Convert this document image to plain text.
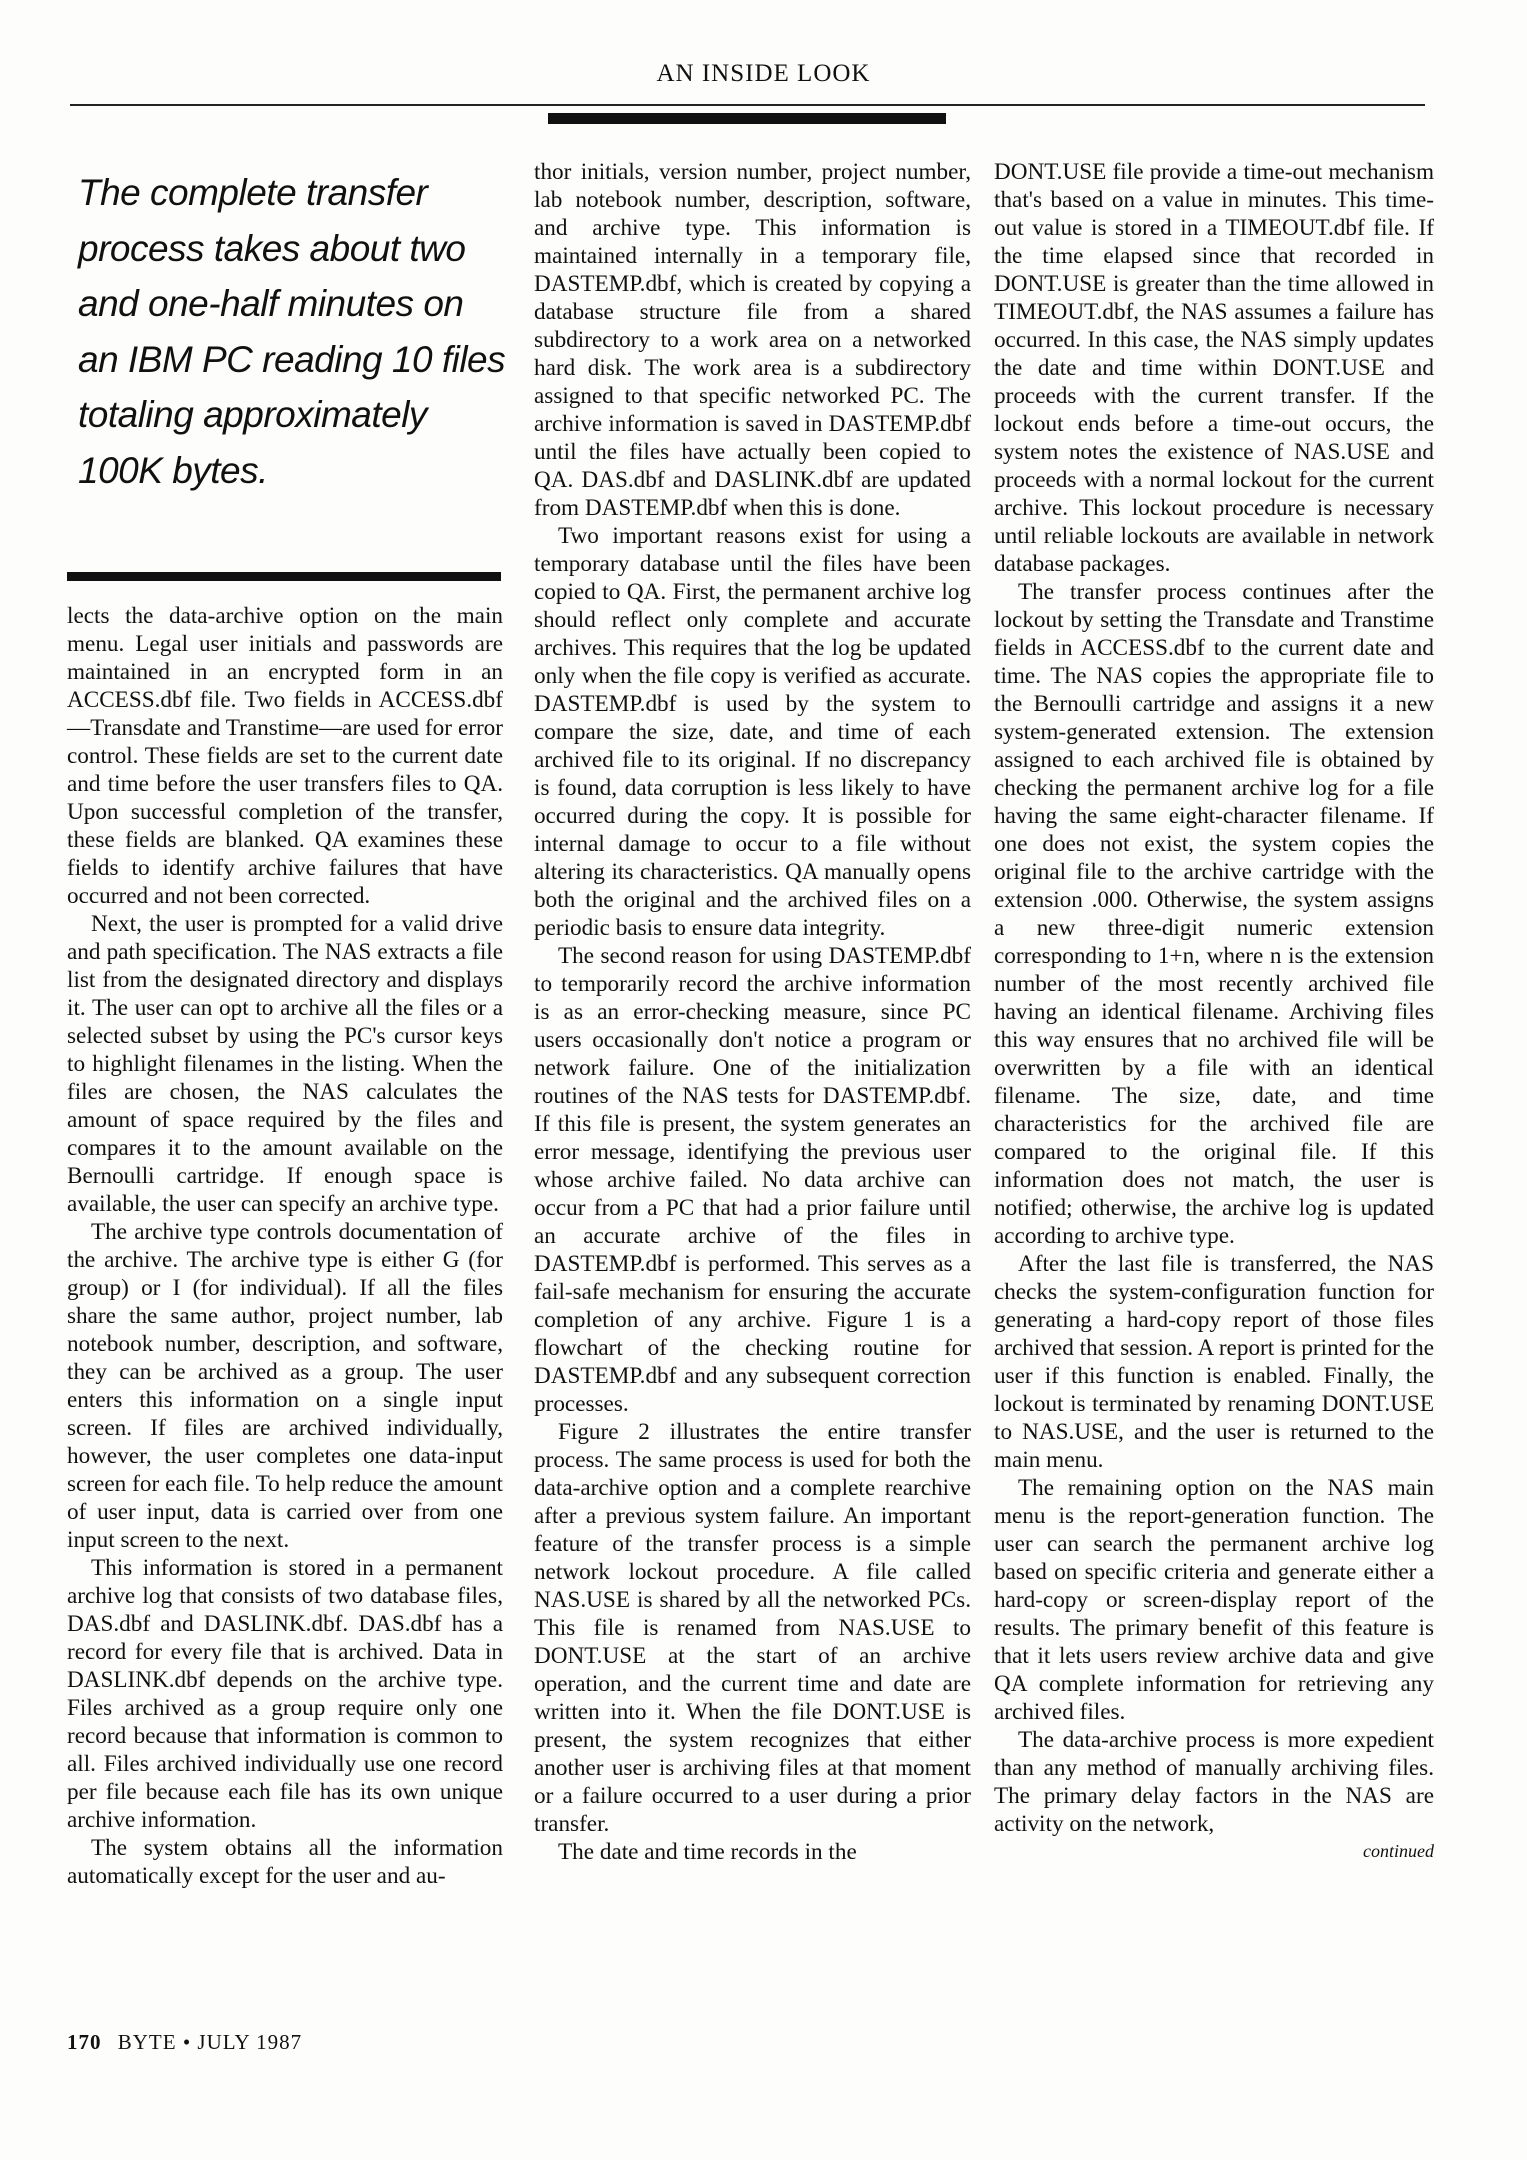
AN INSIDE LOOK
The complete transfer process takes about two and one-half minutes on an IBM PC reading 10 files totaling approximately 100K bytes.

lects the data-archive option on the main menu. Legal user initials and passwords are maintained in an encrypted form in an ACCESS.dbf file. Two fields in ACCESS.dbf—Transdate and Transtime—are used for error control. These fields are set to the current date and time before the user transfers files to QA. Upon successful completion of the transfer, these fields are blanked. QA examines these fields to identify archive failures that have occurred and not been corrected.

Next, the user is prompted for a valid drive and path specification. The NAS extracts a file list from the designated directory and displays it. The user can opt to archive all the files or a selected subset by using the PC's cursor keys to highlight filenames in the listing. When the files are chosen, the NAS calculates the amount of space required by the files and compares it to the amount available on the Bernoulli cartridge. If enough space is available, the user can specify an archive type.

The archive type controls documentation of the archive. The archive type is either G (for group) or I (for individual). If all the files share the same author, project number, lab notebook number, description, and software, they can be archived as a group. The user enters this information on a single input screen. If files are archived individually, however, the user completes one data-input screen for each file. To help reduce the amount of user input, data is carried over from one input screen to the next.

This information is stored in a permanent archive log that consists of two database files, DAS.dbf and DASLINK.dbf. DAS.dbf has a record for every file that is archived. Data in DASLINK.dbf depends on the archive type. Files archived as a group require only one record because that information is common to all. Files archived individually use one record per file because each file has its own unique archive information.

The system obtains all the information automatically except for the user and au-

thor initials, version number, project number, lab notebook number, description, software, and archive type. This information is maintained internally in a temporary file, DASTEMP.dbf, which is created by copying a database structure file from a shared subdirectory to a work area on a networked hard disk. The work area is a subdirectory assigned to that specific networked PC. The archive information is saved in DASTEMP.dbf until the files have actually been copied to QA. DAS.dbf and DASLINK.dbf are updated from DASTEMP.dbf when this is done.

Two important reasons exist for using a temporary database until the files have been copied to QA. First, the permanent archive log should reflect only complete and accurate archives. This requires that the log be updated only when the file copy is verified as accurate. DASTEMP.dbf is used by the system to compare the size, date, and time of each archived file to its original. If no discrepancy is found, data corruption is less likely to have occurred during the copy. It is possible for internal damage to occur to a file without altering its characteristics. QA manually opens both the original and the archived files on a periodic basis to ensure data integrity.

The second reason for using DASTEMP.dbf to temporarily record the archive information is as an error-checking measure, since PC users occasionally don't notice a program or network failure. One of the initialization routines of the NAS tests for DASTEMP.dbf. If this file is present, the system generates an error message, identifying the previous user whose archive failed. No data archive can occur from a PC that had a prior failure until an accurate archive of the files in DASTEMP.dbf is performed. This serves as a fail-safe mechanism for ensuring the accurate completion of any archive. Figure 1 is a flowchart of the checking routine for DASTEMP.dbf and any subsequent correction processes.

Figure 2 illustrates the entire transfer process. The same process is used for both the data-archive option and a complete rearchive after a previous system failure. An important feature of the transfer process is a simple network lockout procedure. A file called NAS.USE is shared by all the networked PCs. This file is renamed from NAS.USE to DONT.USE at the start of an archive operation, and the current time and date are written into it. When the file DONT.USE is present, the system recognizes that either another user is archiving files at that moment or a failure occurred to a user during a prior transfer.

The date and time records in the

DONT.USE file provide a time-out mechanism that's based on a value in minutes. This time-out value is stored in a TIMEOUT.dbf file. If the time elapsed since that recorded in DONT.USE is greater than the time allowed in TIMEOUT.dbf, the NAS assumes a failure has occurred. In this case, the NAS simply updates the date and time within DONT.USE and proceeds with the current transfer. If the lockout ends before a time-out occurs, the system notes the existence of NAS.USE and proceeds with a normal lockout for the current archive. This lockout procedure is necessary until reliable lockouts are available in network database packages.

The transfer process continues after the lockout by setting the Transdate and Transtime fields in ACCESS.dbf to the current date and time. The NAS copies the appropriate file to the Bernoulli cartridge and assigns it a new system-generated extension. The extension assigned to each archived file is obtained by checking the permanent archive log for a file having the same eight-character filename. If one does not exist, the system copies the original file to the archive cartridge with the extension .000. Otherwise, the system assigns a new three-digit numeric extension corresponding to 1+n, where n is the extension number of the most recently archived file having an identical filename. Archiving files this way ensures that no archived file will be overwritten by a file with an identical filename. The size, date, and time characteristics for the archived file are compared to the original file. If this information does not match, the user is notified; otherwise, the archive log is updated according to archive type.

After the last file is transferred, the NAS checks the system-configuration function for generating a hard-copy report of those files archived that session. A report is printed for the user if this function is enabled. Finally, the lockout is terminated by renaming DONT.USE to NAS.USE, and the user is returned to the main menu.

The remaining option on the NAS main menu is the report-generation function. The user can search the permanent archive log based on specific criteria and generate either a hard-copy or screen-display report of the results. The primary benefit of this feature is that it lets users review archive data and give QA complete information for retrieving any archived files.

The data-archive process is more expedient than any method of manually archiving files. The primary delay factors in the NAS are activity on the network,

continued
170 BYTE • JULY 1987
